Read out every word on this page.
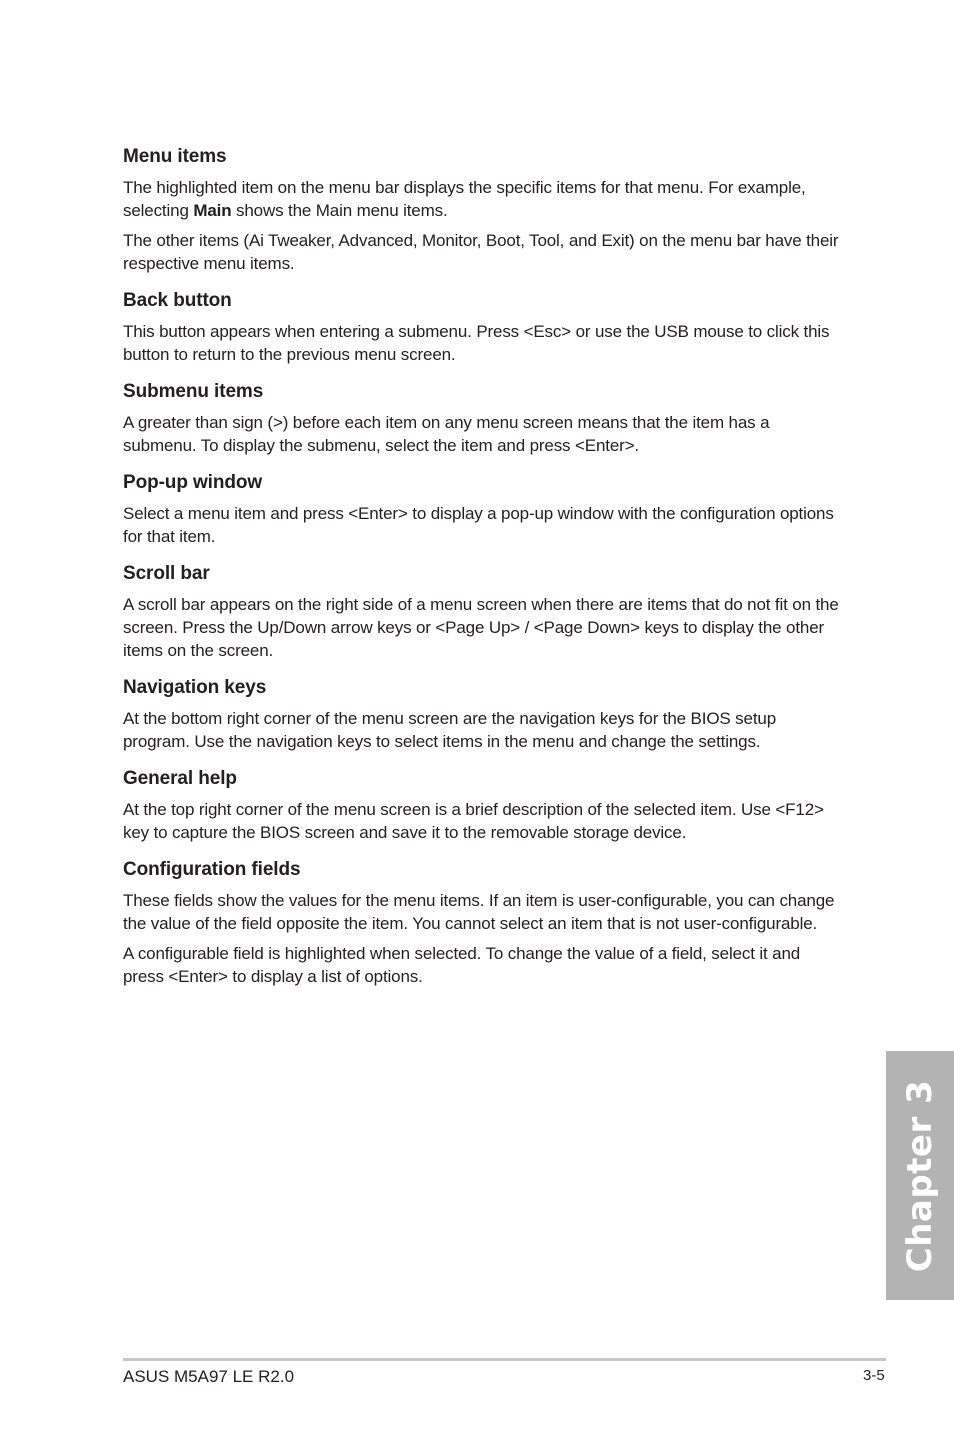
Menu items
The highlighted item on the menu bar displays the specific items for that menu. For example, selecting Main shows the Main menu items.
The other items (Ai Tweaker, Advanced, Monitor, Boot, Tool, and Exit) on the menu bar have their respective menu items.
Back button
This button appears when entering a submenu. Press <Esc> or use the USB mouse to click this button to return to the previous menu screen.
Submenu items
A greater than sign (>) before each item on any menu screen means that the item has a submenu. To display the submenu, select the item and press <Enter>.
Pop-up window
Select a menu item and press <Enter> to display a pop-up window with the configuration options for that item.
Scroll bar
A scroll bar appears on the right side of a menu screen when there are items that do not fit on the screen. Press the Up/Down arrow keys or <Page Up> / <Page Down> keys to display the other items on the screen.
Navigation keys
At the bottom right corner of the menu screen are the navigation keys for the BIOS setup program. Use the navigation keys to select items in the menu and change the settings.
General help
At the top right corner of the menu screen is a brief description of the selected item. Use <F12> key to capture the BIOS screen and save it to the removable storage device.
Configuration fields
These fields show the values for the menu items. If an item is user-configurable, you can change the value of the field opposite the item. You cannot select an item that is not user-configurable.
A configurable field is highlighted when selected. To change the value of a field, select it and press <Enter> to display a list of options.
Chapter 3
ASUS M5A97 LE R2.0	3-5
